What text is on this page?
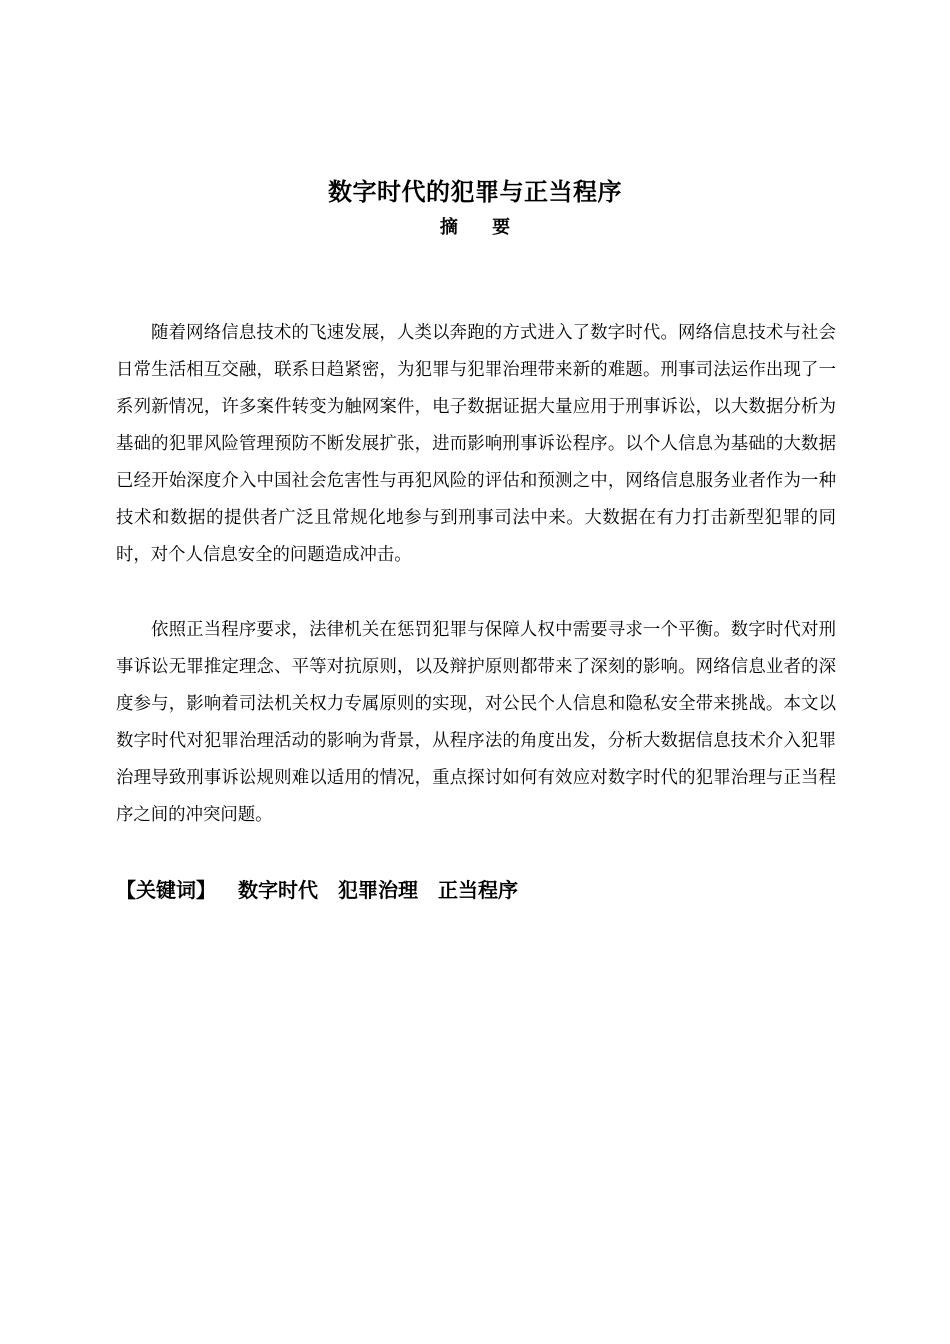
数字时代的犯罪与正当程序
摘 要

随着网络信息技术的飞速发展，人类以奔跑的方式进入了数字时代。网络信息技术与社会日常生活相互交融，联系日趋紧密，为犯罪与犯罪治理带来新的难题。刑事司法运作出现了一系列新情况，许多案件转变为触网案件，电子数据证据大量应用于刑事诉讼，以大数据分析为基础的犯罪风险管理预防不断发展扩张，进而影响刑事诉讼程序。以个人信息为基础的大数据已经开始深度介入中国社会危害性与再犯风险的评估和预测之中，网络信息服务业者作为一种技术和数据的提供者广泛且常规化地参与到刑事司法中来。大数据在有力打击新型犯罪的同时，对个人信息安全的问题造成冲击。

依照正当程序要求，法律机关在惩罚犯罪与保障人权中需要寻求一个平衡。数字时代对刑事诉讼无罪推定理念、平等对抗原则，以及辩护原则都带来了深刻的影响。网络信息业者的深度参与，影响着司法机关权力专属原则的实现，对公民个人信息和隐私安全带来挑战。本文以数字时代对犯罪治理活动的影响为背景，从程序法的角度出发，分析大数据信息技术介入犯罪治理导致刑事诉讼规则难以适用的情况，重点探讨如何有效应对数字时代的犯罪治理与正当程序之间的冲突问题。

【关键词】 数字时代 犯罪治理 正当程序
